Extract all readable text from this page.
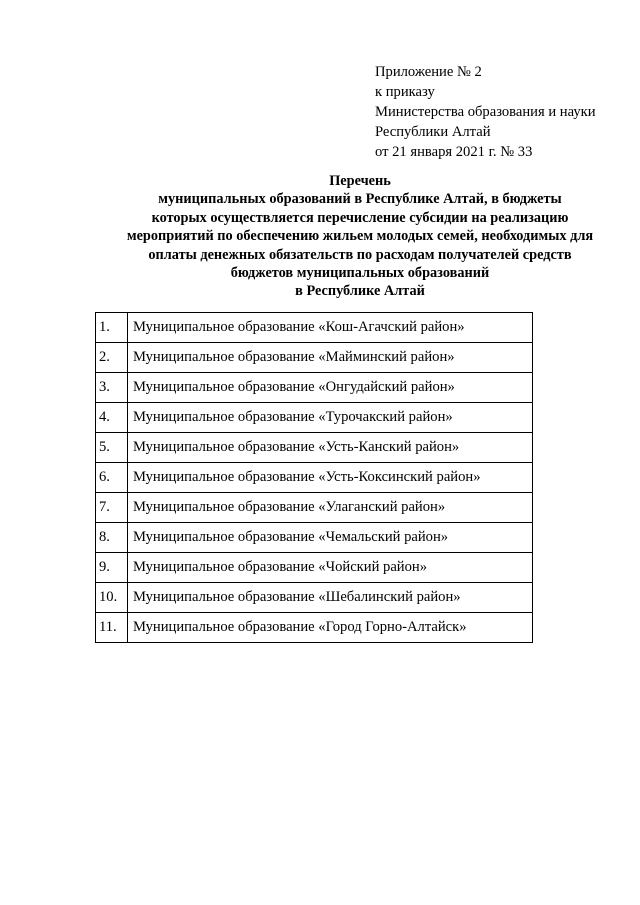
Приложение № 2
к приказу
Министерства образования и науки
Республики Алтай
от 21 января 2021 г. № 33
Перечень
муниципальных образований в Республике Алтай, в бюджеты
которых осуществляется перечисление субсидии на реализацию
мероприятий по обеспечению жильем молодых семей, необходимых для
оплаты денежных обязательств по расходам получателей средств
бюджетов муниципальных образований
в Республике Алтай
1.	Муниципальное образование «Кош-Агачский район»
2.	Муниципальное образование «Майминский район»
3.	Муниципальное образование «Онгудайский район»
4.	Муниципальное образование «Турочакский район»
5.	Муниципальное образование «Усть-Канский район»
6.	Муниципальное образование «Усть-Коксинский район»
7.	Муниципальное образование «Улаганский район»
8.	Муниципальное образование «Чемальский район»
9.	Муниципальное образование «Чойский район»
10.	Муниципальное образование «Шебалинский район»
11.	Муниципальное образование «Город Горно-Алтайск»
